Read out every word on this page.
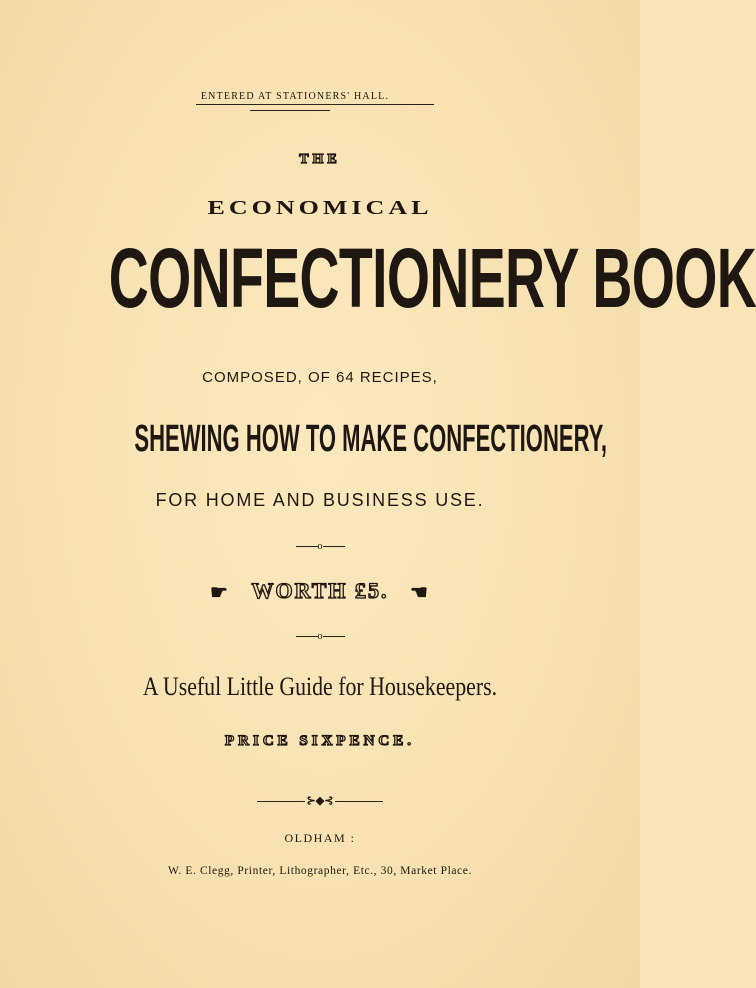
ENTERED AT STATIONERS' HALL.
THE
ECONOMICAL
CONFECTIONERY BOOK
COMPOSED, OF 64 RECIPES,
SHEWING HOW TO MAKE CONFECTIONERY,
FOR HOME AND BUSINESS USE.
o
☛ WORTH £5. ☚
o
A Useful Little Guide for Housekeepers.
PRICE SIXPENCE.
⊱◆⊰
OLDHAM :
W. E. Clegg, Printer, Lithographer, Etc., 30, Market Place.
